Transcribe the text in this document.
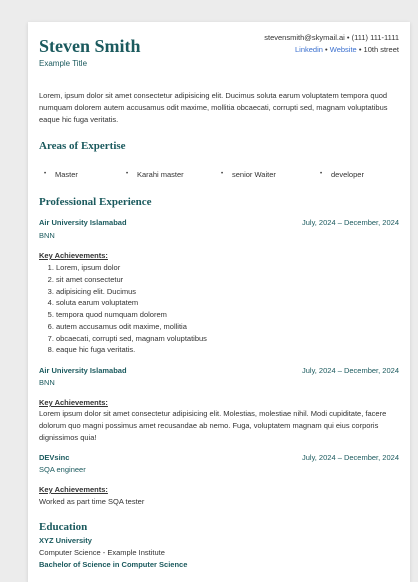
Steven Smith
Example Title
stevensmith@skymail.ai • (111) 111-1111
Linkedin • Website • 10th street
Lorem, ipsum dolor sit amet consectetur adipisicing elit. Ducimus soluta earum voluptatem tempora quod numquam dolorem autem accusamus odit maxime, mollitia obcaecati, corrupti sed, magnam voluptatibus eaque hic fuga veritatis.
Areas of Expertise
• Master	• Karahi master	• senior Waiter	• developer
Professional Experience
Air University Islamabad	July, 2024 – December, 2024
BNN
Key Achievements:
1. Lorem, ipsum dolor
2. sit amet consectetur
3. adipisicing elit. Ducimus
4. soluta earum voluptatem
5. tempora quod numquam dolorem
6. autem accusamus odit maxime, mollitia
7. obcaecati, corrupti sed, magnam voluptatibus
8. eaque hic fuga veritatis.
Air University Islamabad	July, 2024 – December, 2024
BNN
Key Achievements:
Lorem ipsum dolor sit amet consectetur adipisicing elit. Molestias, molestiae nihil. Modi cupiditate, facere dolorum quo magni possimus amet recusandae ab nemo. Fuga, voluptatem magnam qui eius corporis dignissimos quia!
DEVsinc	July, 2024 – December, 2024
SQA engineer
Key Achievements:
Worked as part time SQA tester
Education
XYZ University
Computer Science - Example Institute
Bachelor of Science in Computer Science
